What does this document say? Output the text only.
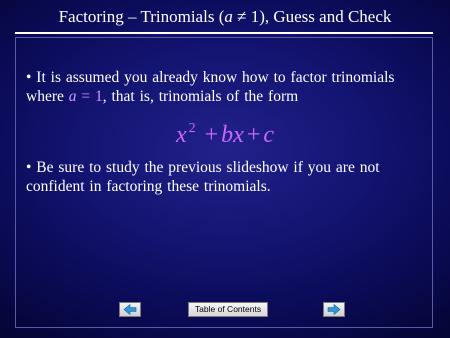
Factoring – Trinomials (a ≠ 1), Guess and Check
• It is assumed you already know how to factor trinomials where a = 1, that is, trinomials of the form
x $^2$ + bx + c
• Be sure to study the previous slideshow if you are not confident in factoring these trinomials.
Table of Contents
